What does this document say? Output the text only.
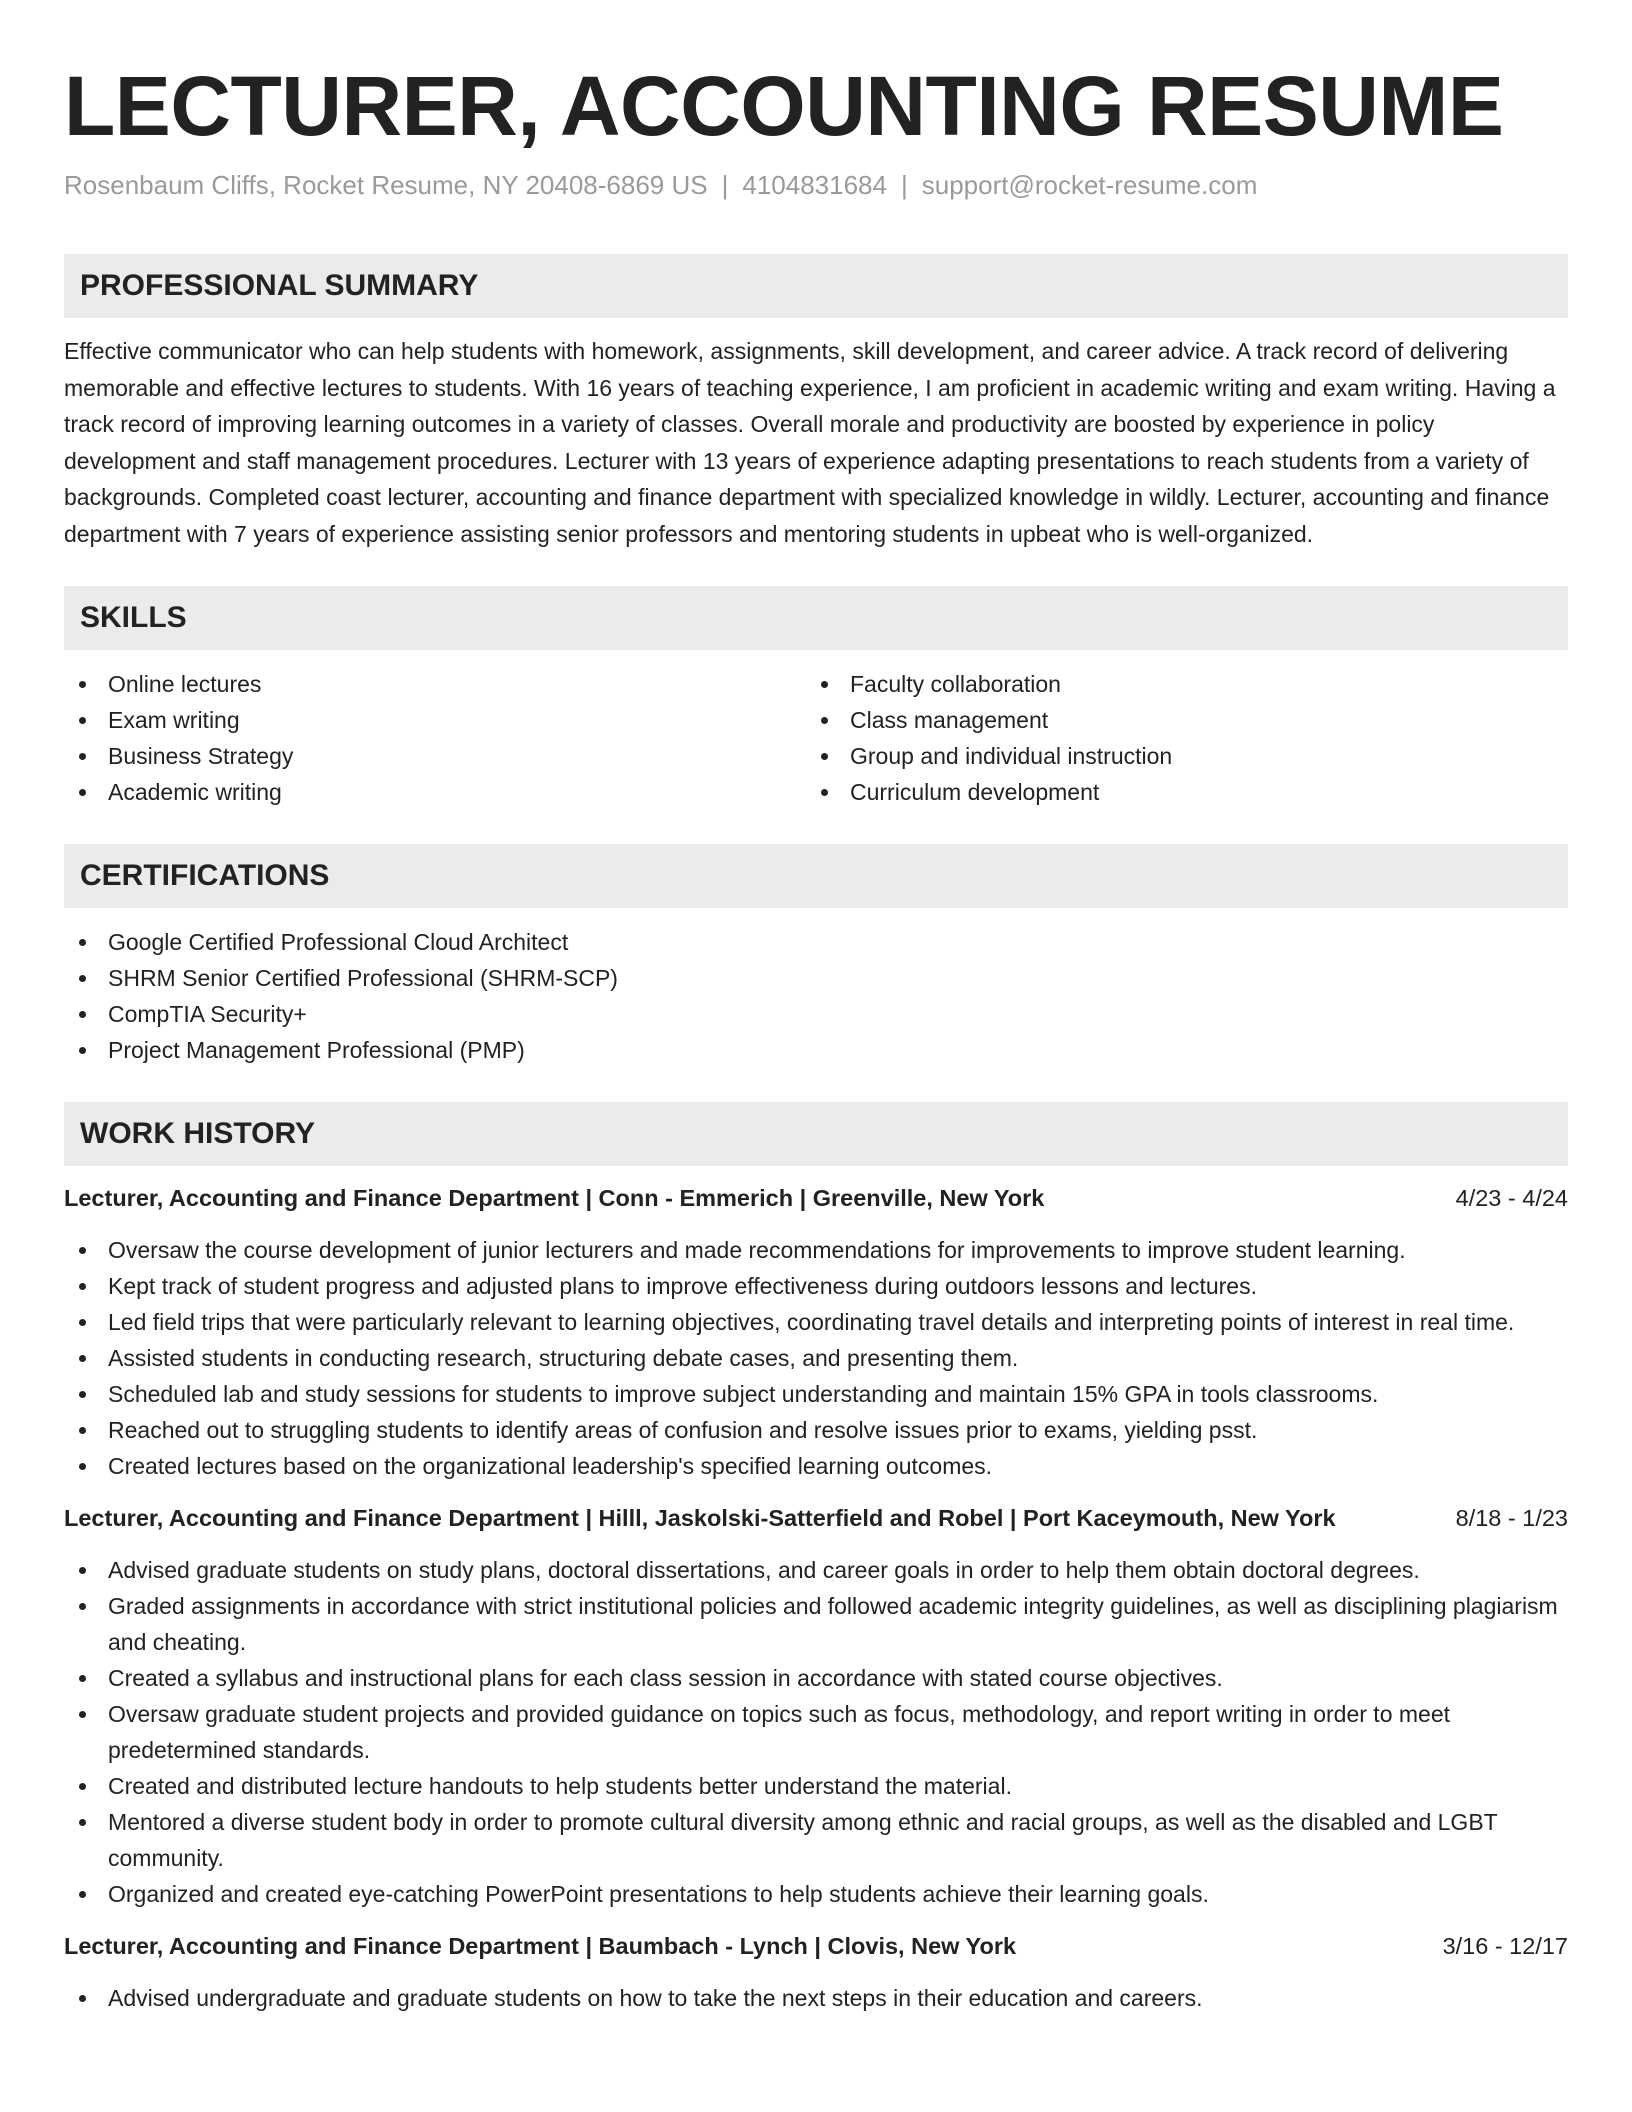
LECTURER, ACCOUNTING RESUME
Rosenbaum Cliffs, Rocket Resume, NY 20408-6869 US | 4104831684 | support@rocket-resume.com
PROFESSIONAL SUMMARY

Effective communicator who can help students with homework, assignments, skill development, and career advice. A track record of delivering memorable and effective lectures to students. With 16 years of teaching experience, I am proficient in academic writing and exam writing. Having a track record of improving learning outcomes in a variety of classes. Overall morale and productivity are boosted by experience in policy development and staff management procedures. Lecturer with 13 years of experience adapting presentations to reach students from a variety of backgrounds. Completed coast lecturer, accounting and finance department with specialized knowledge in wildly. Lecturer, accounting and finance department with 7 years of experience assisting senior professors and mentoring students in upbeat who is well-organized.

SKILLS
Online lectures
Exam writing
Business Strategy
Academic writing
Faculty collaboration
Class management
Group and individual instruction
Curriculum development
CERTIFICATIONS
Google Certified Professional Cloud Architect
SHRM Senior Certified Professional (SHRM-SCP)
CompTIA Security+
Project Management Professional (PMP)
WORK HISTORY
Lecturer, Accounting and Finance Department | Conn - Emmerich | Greenville, New York	4/23 - 4/24
Oversaw the course development of junior lecturers and made recommendations for improvements to improve student learning.
Kept track of student progress and adjusted plans to improve effectiveness during outdoors lessons and lectures.
Led field trips that were particularly relevant to learning objectives, coordinating travel details and interpreting points of interest in real time.
Assisted students in conducting research, structuring debate cases, and presenting them.
Scheduled lab and study sessions for students to improve subject understanding and maintain 15% GPA in tools classrooms.
Reached out to struggling students to identify areas of confusion and resolve issues prior to exams, yielding psst.
Created lectures based on the organizational leadership's specified learning outcomes.
Lecturer, Accounting and Finance Department | Hilll, Jaskolski-Satterfield and Robel | Port Kaceymouth, New York	8/18 - 1/23
Advised graduate students on study plans, doctoral dissertations, and career goals in order to help them obtain doctoral degrees.
Graded assignments in accordance with strict institutional policies and followed academic integrity guidelines, as well as disciplining plagiarism and cheating.
Created a syllabus and instructional plans for each class session in accordance with stated course objectives.
Oversaw graduate student projects and provided guidance on topics such as focus, methodology, and report writing in order to meet predetermined standards.
Created and distributed lecture handouts to help students better understand the material.
Mentored a diverse student body in order to promote cultural diversity among ethnic and racial groups, as well as the disabled and LGBT community.
Organized and created eye-catching PowerPoint presentations to help students achieve their learning goals.
Lecturer, Accounting and Finance Department | Baumbach - Lynch | Clovis, New York	3/16 - 12/17
Advised undergraduate and graduate students on how to take the next steps in their education and careers.
